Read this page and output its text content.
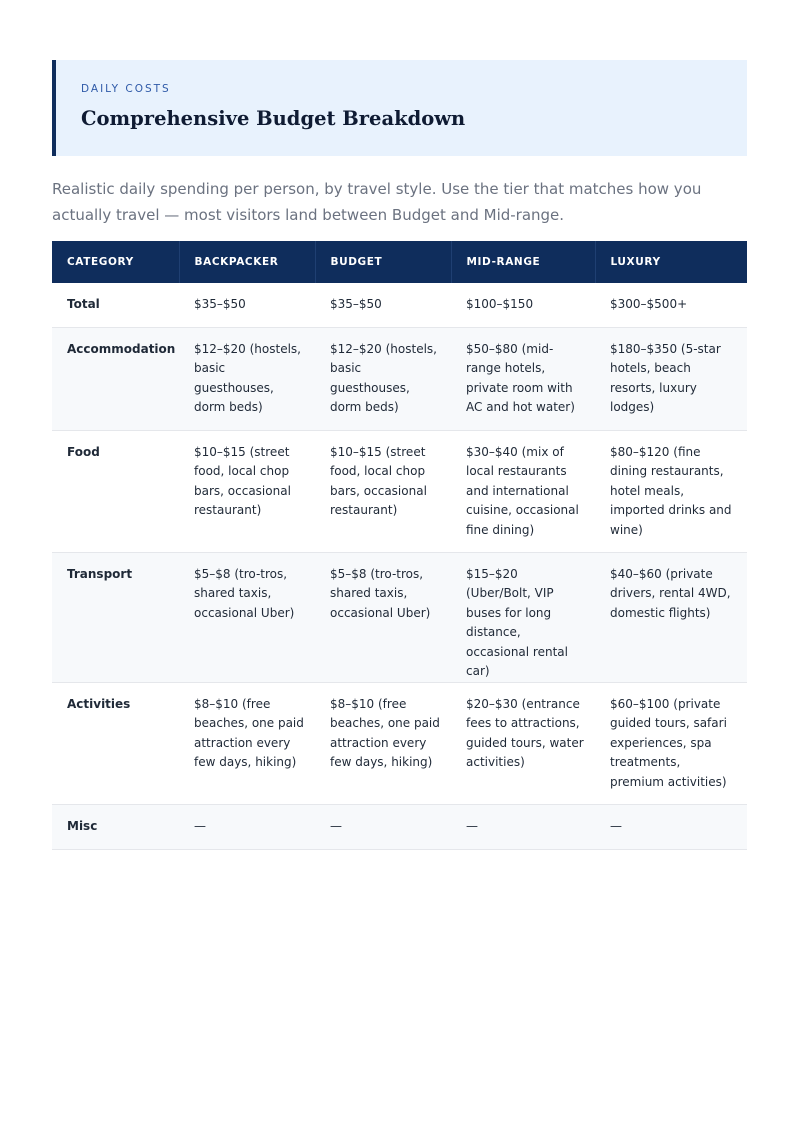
DAILY COSTS
Comprehensive Budget Breakdown

Realistic daily spending per person, by travel style. Use the tier that matches how you actually travel — most visitors land between Budget and Mid-range.

CATEGORY	BACKPACKER	BUDGET	MID-RANGE	LUXURY
Total	$35–$50	$35–$50	$100–$150	$300–$500+
Accommodation	$12–$20 (hostels, basic guesthouses, dorm beds)	$12–$20 (hostels, basic guesthouses, dorm beds)	$50–$80 (mid-range hotels, private room with AC and hot water)	$180–$350 (5-star hotels, beach resorts, luxury lodges)
Food	$10–$15 (street food, local chop bars, occasional restaurant)	$10–$15 (street food, local chop bars, occasional restaurant)	$30–$40 (mix of local restaurants and international cuisine, occasional fine dining)	$80–$120 (fine dining restaurants, hotel meals, imported drinks and wine)
Transport	$5–$8 (tro-tros, shared taxis, occasional Uber)	$5–$8 (tro-tros, shared taxis, occasional Uber)	$15–$20 (Uber/Bolt, VIP buses for long distance, occasional rental car)	$40–$60 (private drivers, rental 4WD, domestic flights)
Activities	$8–$10 (free beaches, one paid attraction every few days, hiking)	$8–$10 (free beaches, one paid attraction every few days, hiking)	$20–$30 (entrance fees to attractions, guided tours, water activities)	$60–$100 (private guided tours, safari experiences, spa treatments, premium activities)
Misc	—	—	—	—
